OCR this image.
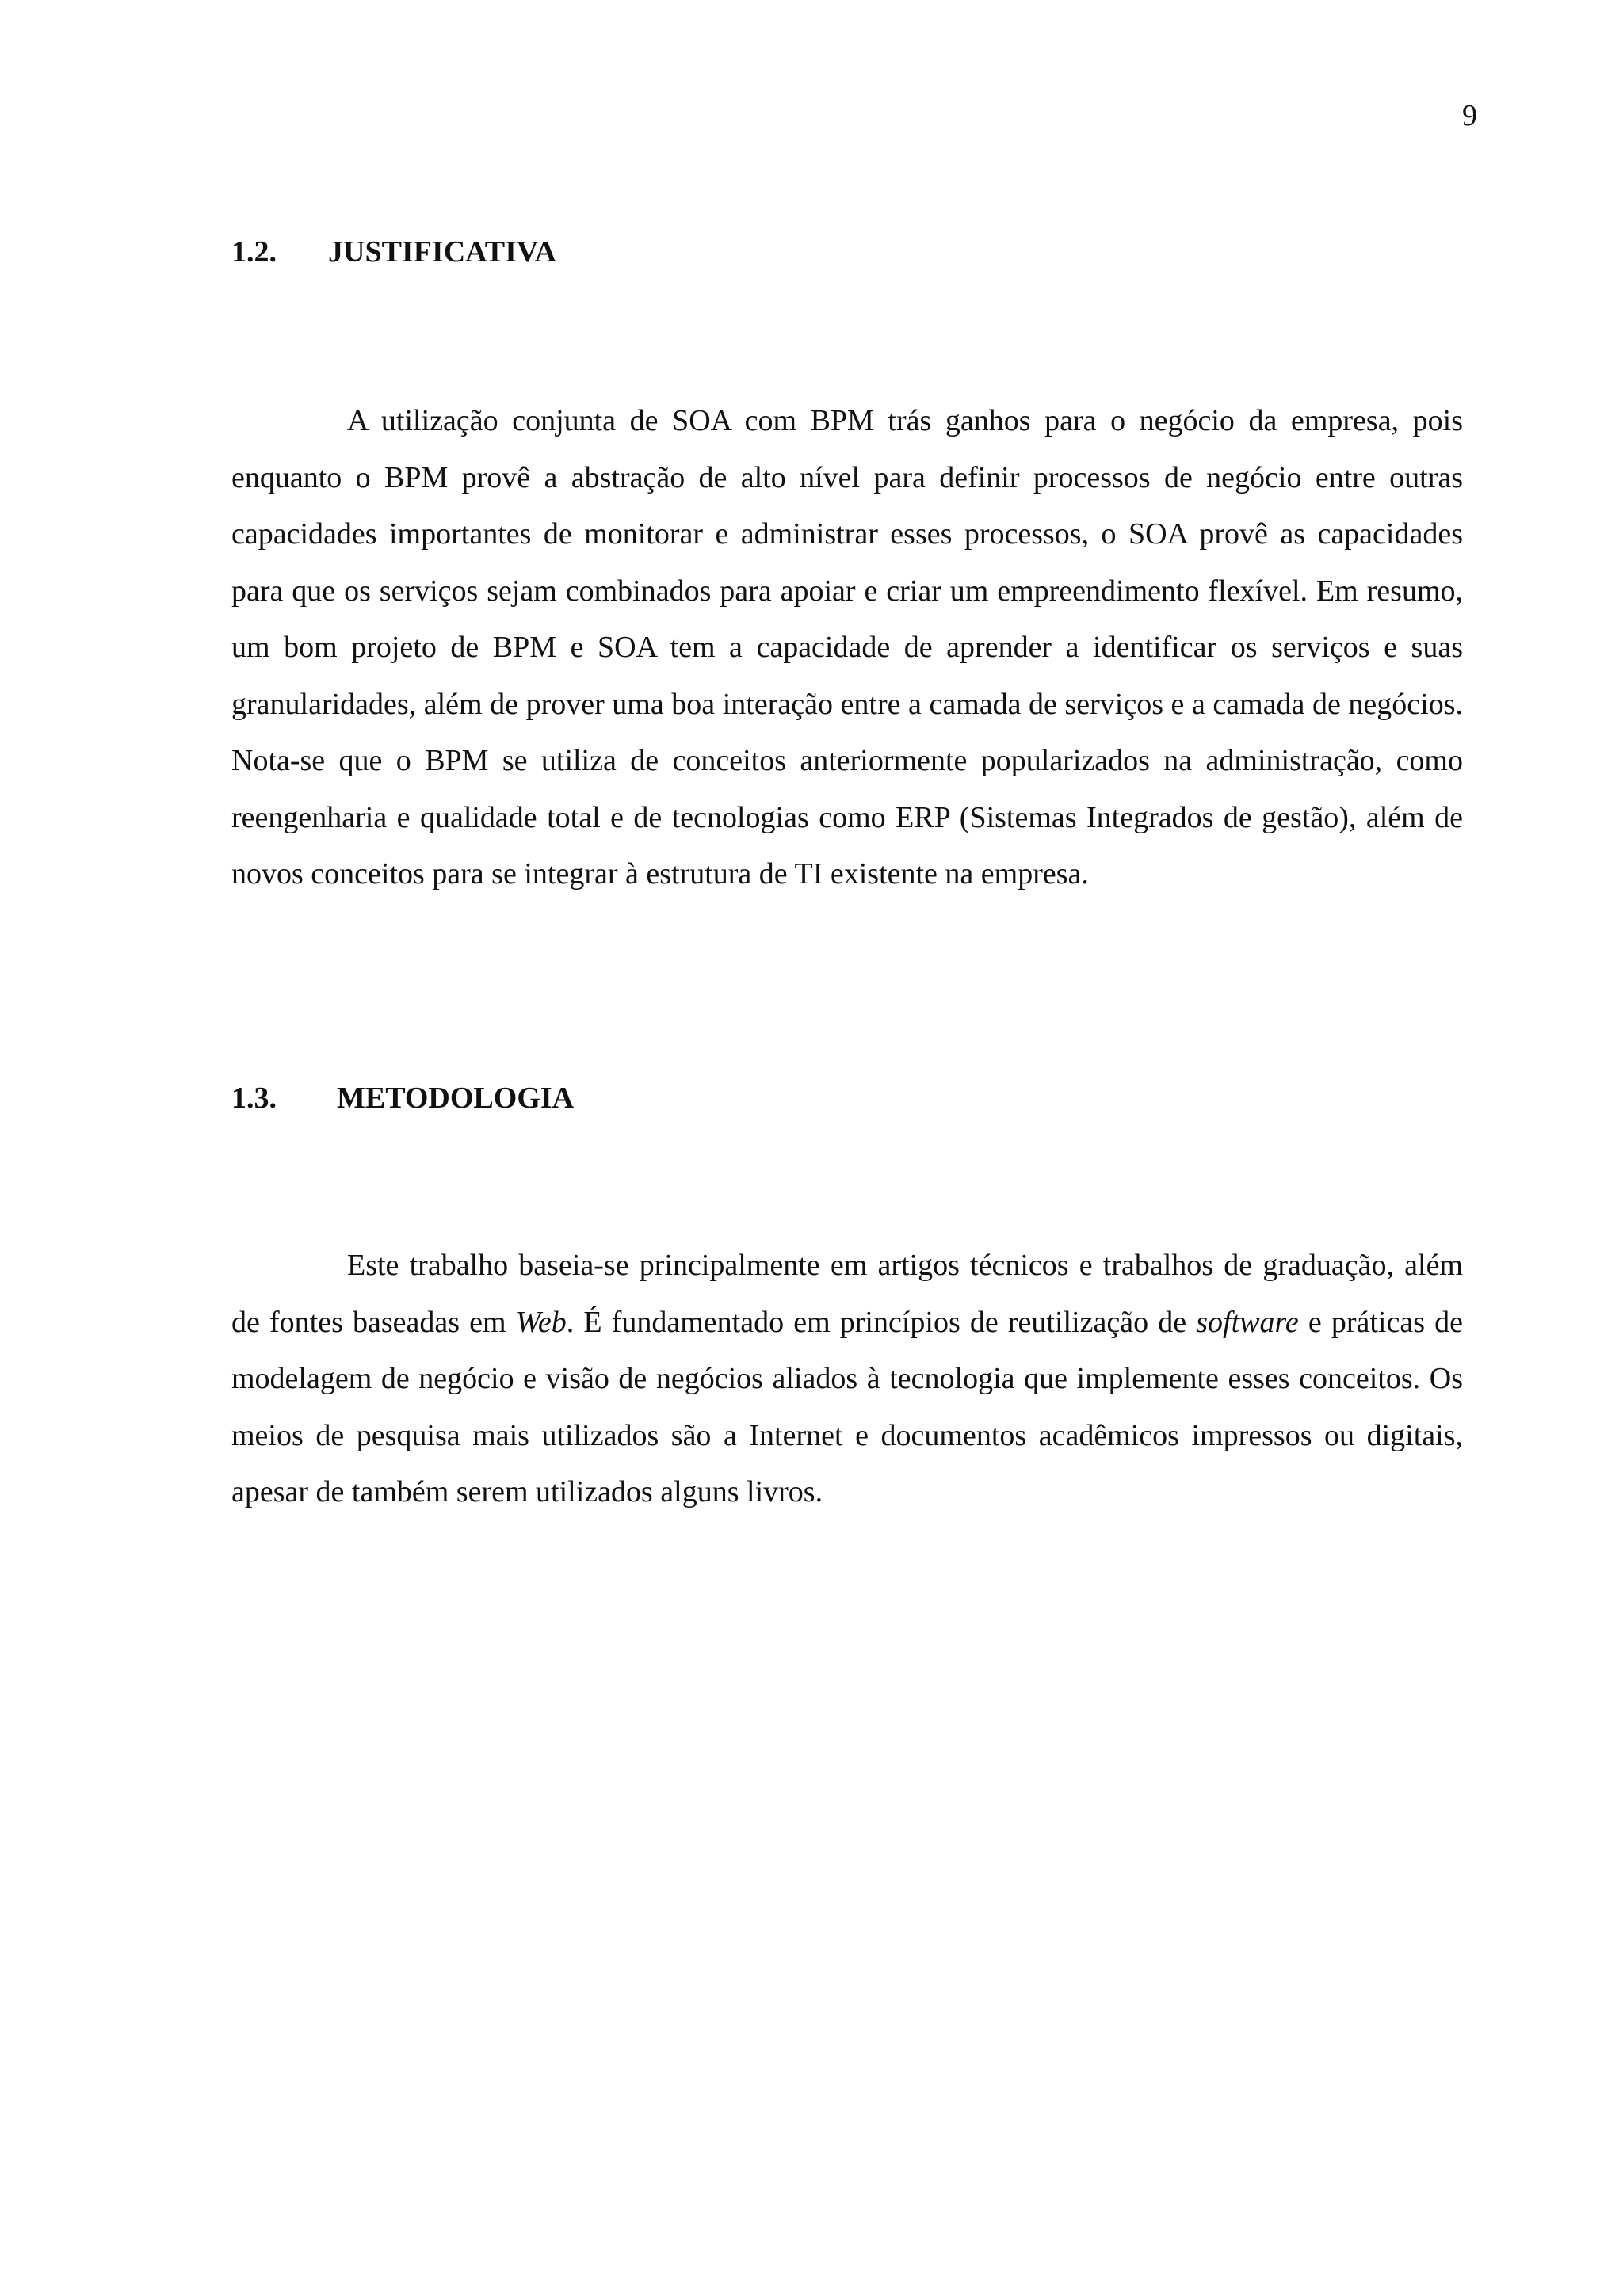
9
1.2. JUSTIFICATIVA

A utilização conjunta de SOA com BPM trás ganhos para o negócio da empresa, pois enquanto o BPM provê a abstração de alto nível para definir processos de negócio entre outras capacidades importantes de monitorar e administrar esses processos, o SOA provê as capacidades para que os serviços sejam combinados para apoiar e criar um empreendimento flexível. Em resumo, um bom projeto de BPM e SOA tem a capacidade de aprender a identificar os serviços e suas granularidades, além de prover uma boa interação entre a camada de serviços e a camada de negócios. Nota-se que o BPM se utiliza de conceitos anteriormente popularizados na administração, como reengenharia e qualidade total e de tecnologias como ERP (Sistemas Integrados de gestão), além de novos conceitos para se integrar à estrutura de TI existente na empresa.

1.3. METODOLOGIA

Este trabalho baseia-se principalmente em artigos técnicos e trabalhos de graduação, além de fontes baseadas em Web. É fundamentado em princípios de reutilização de software e práticas de modelagem de negócio e visão de negócios aliados à tecnologia que implemente esses conceitos. Os meios de pesquisa mais utilizados são a Internet e documentos acadêmicos impressos ou digitais, apesar de também serem utilizados alguns livros.
